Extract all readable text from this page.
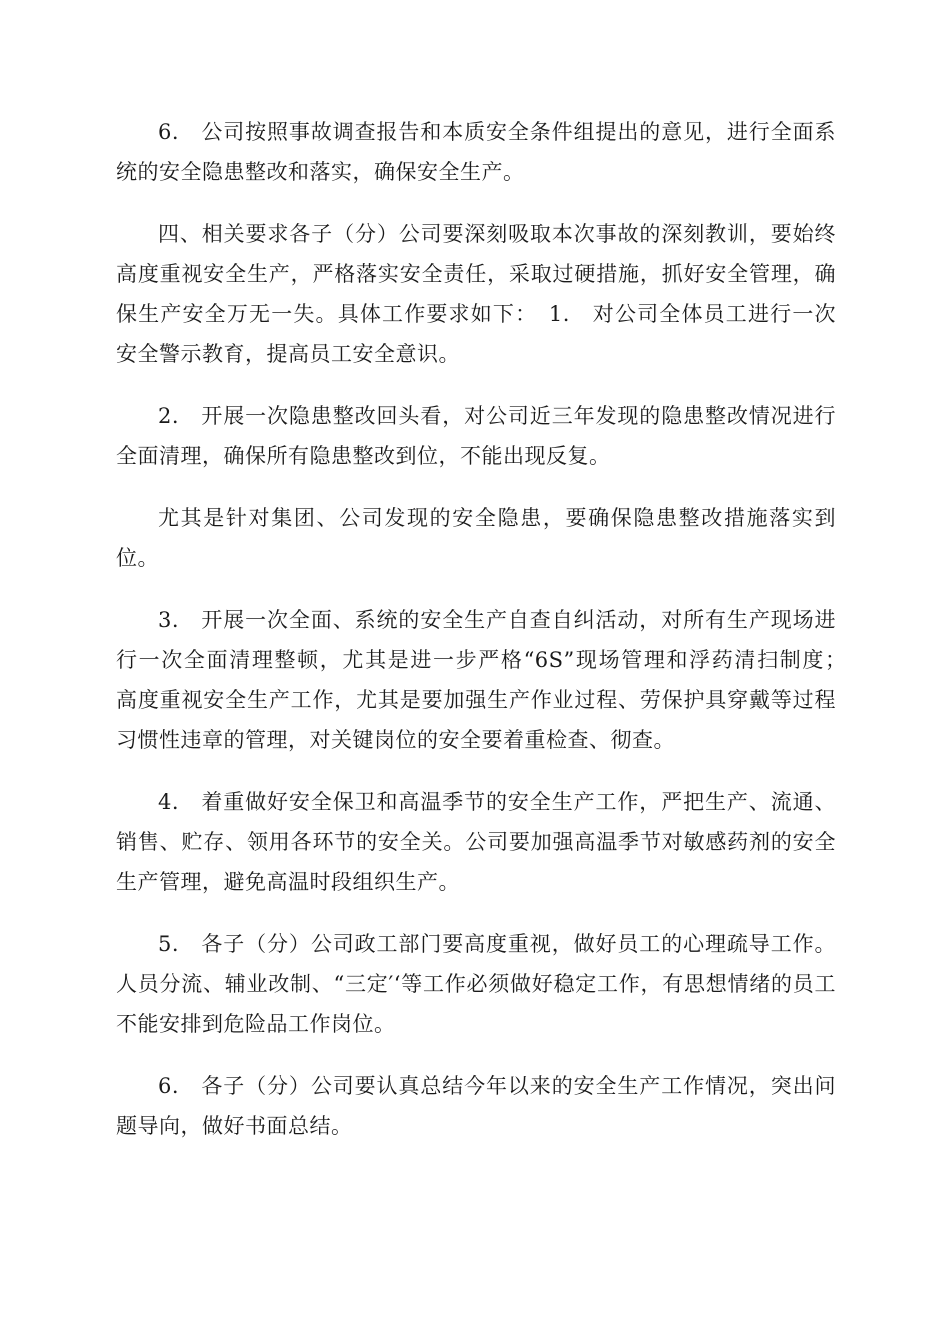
6.　公司按照事故调查报告和本质安全条件组提出的意见，进行全面系统的安全隐患整改和落实，确保安全生产。

四、相关要求各子（分）公司要深刻吸取本次事故的深刻教训，要始终高度重视安全生产，严格落实安全责任，采取过硬措施，抓好安全管理，确保生产安全万无一失。具体工作要求如下：　1.　对公司全体员工进行一次安全警示教育，提高员工安全意识。

2.　开展一次隐患整改回头看，对公司近三年发现的隐患整改情况进行全面清理，确保所有隐患整改到位，不能出现反复。

尤其是针对集团、公司发现的安全隐患，要确保隐患整改措施落实到位。

3.　开展一次全面、系统的安全生产自查自纠活动，对所有生产现场进行一次全面清理整顿，尤其是进一步严格“6S”现场管理和浮药清扫制度；　高度重视安全生产工作，尤其是要加强生产作业过程、劳保护具穿戴等过程习惯性违章的管理，对关键岗位的安全要着重检查、彻查。

4.　着重做好安全保卫和高温季节的安全生产工作，严把生产、流通、销售、贮存、领用各环节的安全关。公司要加强高温季节对敏感药剂的安全生产管理，避免高温时段组织生产。

5.　各子（分）公司政工部门要高度重视，做好员工的心理疏导工作。人员分流、辅业改制、“三定′‘等工作必须做好稳定工作，有思想情绪的员工不能安排到危险品工作岗位。

6.　各子（分）公司要认真总结今年以来的安全生产工作情况，突出问题导向，做好书面总结。
